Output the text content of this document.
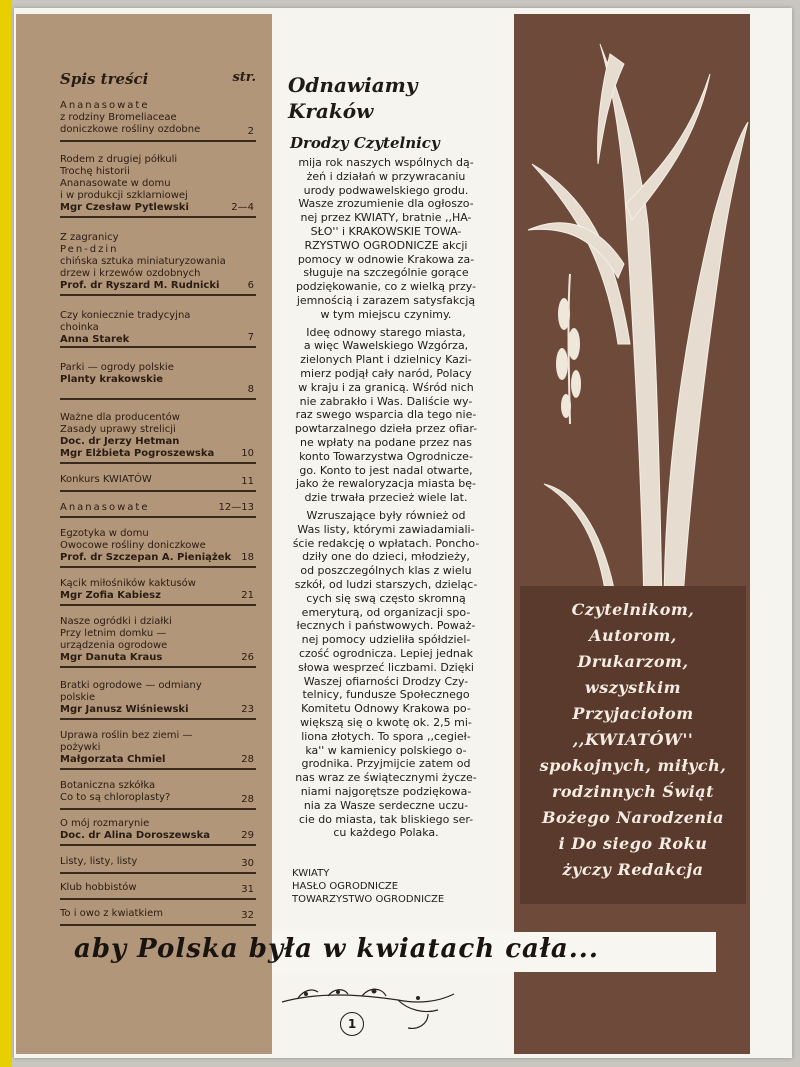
Spis treści	str.
Ananasowate
z rodziny Bromeliaceae
doniczkowe rośliny ozdobne	2
Rodem z drugiej półkuli
Trochę historii
Ananasowate w domu
i w produkcji szklarniowej
Mgr Czesław Pytlewski	2—4
Z zagranicy
Pen-dzin
chińska sztuka miniaturyzowania
drzew i krzewów ozdobnych
Prof. dr Ryszard M. Rudnicki	6
Czy koniecznie tradycyjna
choinka
Anna Starek	7
Parki — ogrody polskie
Planty krakowskie
8
Ważne dla producentów
Zasady uprawy strelicji
Doc. dr Jerzy Hetman
Mgr Elżbieta Pogroszewska	10
Konkurs KWIATÓW	11
Ananasowate	12—13
Egzotyka w domu
Owocowe rośliny doniczkowe
Prof. dr Szczepan A. Pieniążek	18
Kącik miłośników kaktusów
Mgr Zofia Kabiesz	21
Nasze ogródki i działki
Przy letnim domku —
urządzenia ogrodowe
Mgr Danuta Kraus	26
Bratki ogrodowe — odmiany
polskie
Mgr Janusz Wiśniewski	23
Uprawa roślin bez ziemi —
pożywki
Małgorzata Chmiel	28
Botaniczna szkółka
Co to są chloroplasty?	28
O mój rozmarynie
Doc. dr Alina Doroszewska	29
Listy, listy, listy	30
Klub hobbistów	31
To i owo z kwiatkiem	32
Odnawiamy
Kraków
Drodzy Czytelnicy
mija rok naszych wspólnych dą-
żeń i działań w przywracaniu
urody podwawelskiego grodu.
Wasze zrozumienie dla ogłoszo-
nej przez KWIATY, bratnie ,,HA-
SŁO'' i KRAKOWSKIE TOWA-
RZYSTWO OGRODNICZE akcji
pomocy w odnowie Krakowa za-
sługuje na szczególnie gorące
podziękowanie, co z wielką przy-
jemnością i zarazem satysfakcją
w tym miejscu czynimy.
Ideę odnowy starego miasta,
a więc Wawelskiego Wzgórza,
zielonych Plant i dzielnicy Kazi-
mierz podjął cały naród, Polacy
w kraju i za granicą. Wśród nich
nie zabrakło i Was. Daliście wy-
raz swego wsparcia dla tego nie-
powtarzalnego dzieła przez ofiar-
ne wpłaty na podane przez nas
konto Towarzystwa Ogrodnicze-
go. Konto to jest nadal otwarte,
jako że rewaloryzacja miasta bę-
dzie trwała przecież wiele lat.
Wzruszające były również od
Was listy, którymi zawiadamiali-
ście redakcję o wpłatach. Poncho-
dziły one do dzieci, młodzieży,
od poszczególnych klas z wielu
szkół, od ludzi starszych, dzieląc-
cych się swą często skromną
emeryturą, od organizacji spo-
łecznych i państwowych. Poważ-
nej pomocy udzieliła spółdziel-
czość ogrodnicza. Lepiej jednak
słowa wesprzeć liczbami. Dzięki
Waszej ofiarności Drodzy Czy-
telnicy, fundusze Społecznego
Komitetu Odnowy Krakowa po-
większą się o kwotę ok. 2,5 mi-
liona złotych. To spora ,,cegieł-
ka'' w kamienicy polskiego o-
grodnika. Przyjmijcie zatem od
nas wraz ze świątecznymi życze-
niami najgorętsze podziękowa-
nia za Wasze serdeczne uczu-
cie do miasta, tak bliskiego ser-
cu każdego Polaka.
KWIATY
HASŁO OGRODNICZE
TOWARZYSTWO OGRODNICZE
Czytelnikom,
Autorom,
Drukarzom,
wszystkim
Przyjaciołom
,,KWIATÓW''
spokojnych, miłych,
rodzinnych Świąt
Bożego Narodzenia
i Do siego Roku
życzy Redakcja
aby Polska była w kwiatach cała...
1
